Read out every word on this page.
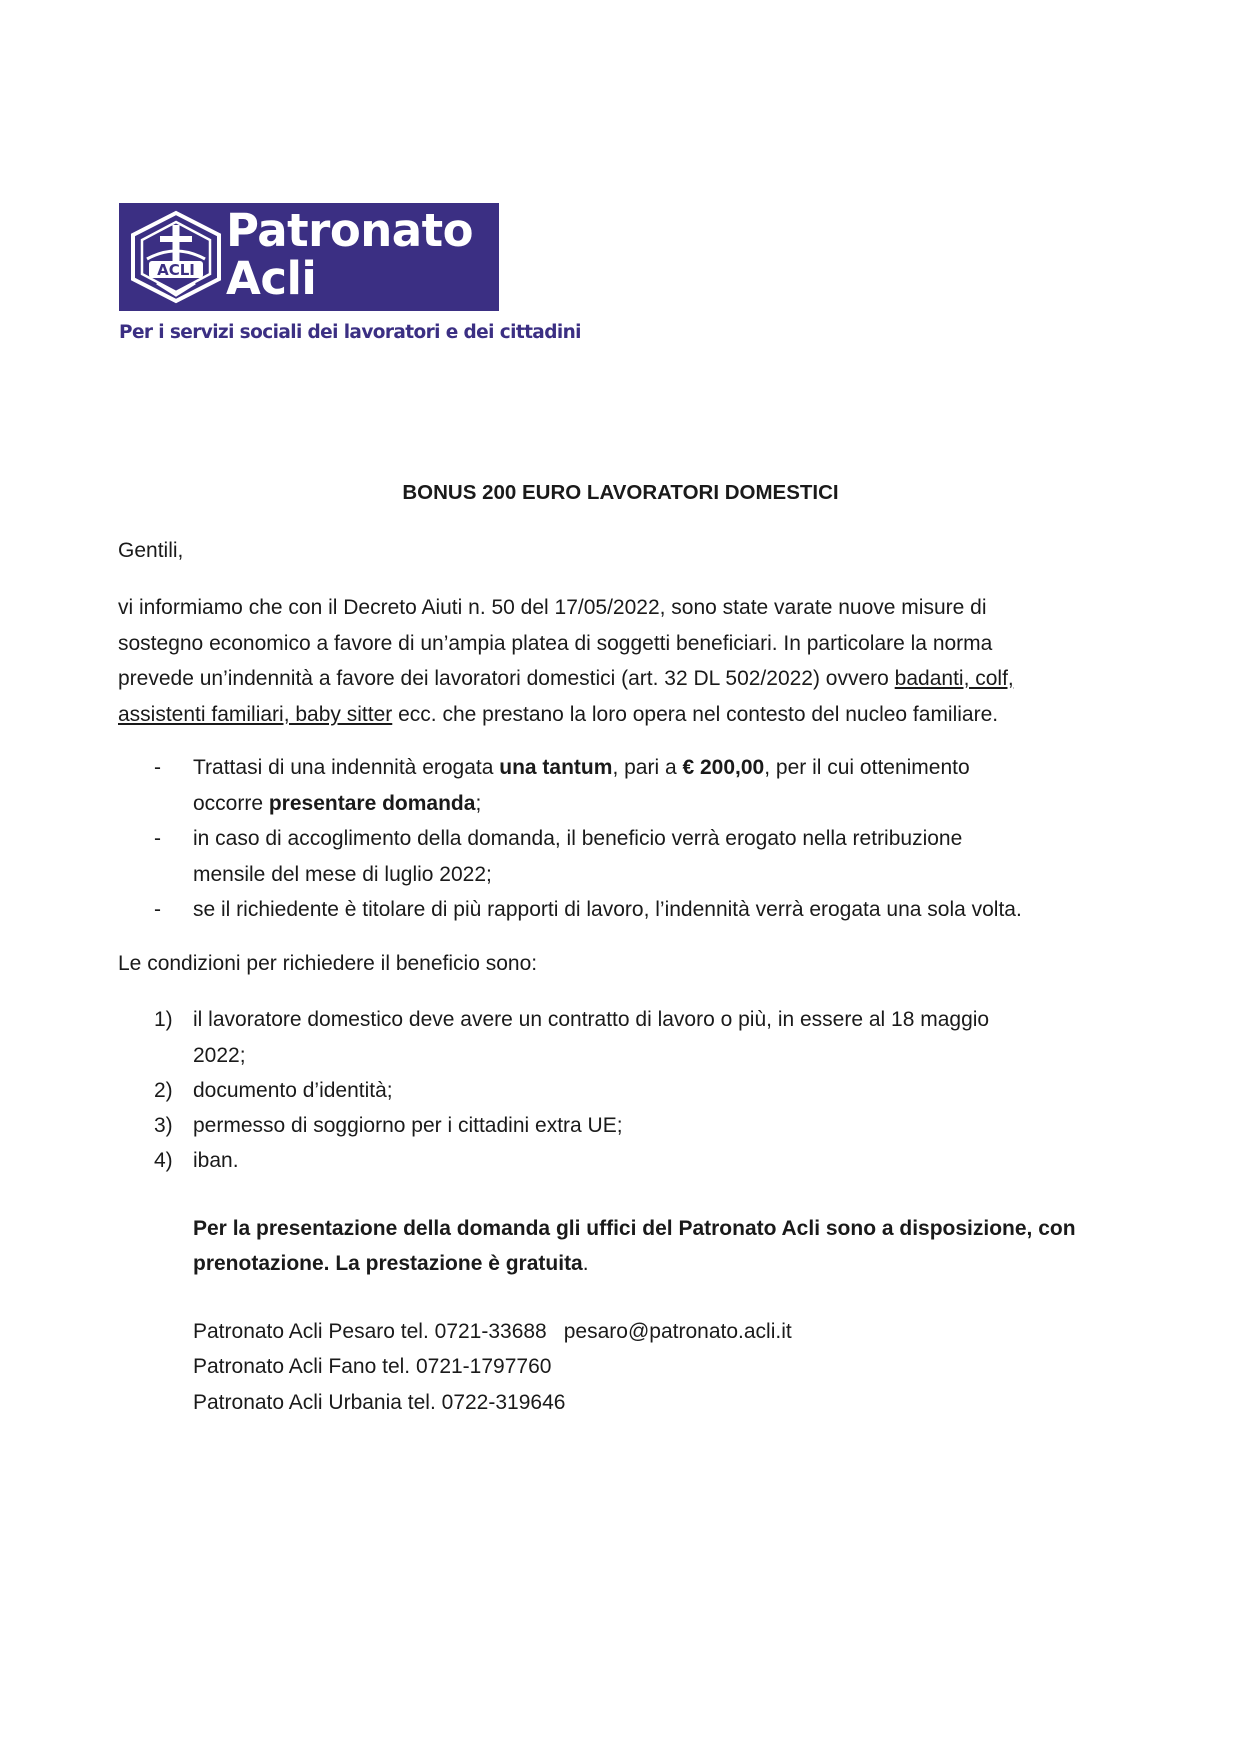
ACLI
Patronato
Acli
Per i servizi sociali dei lavoratori e dei cittadini
BONUS 200 EURO LAVORATORI DOMESTICI
Gentili,
vi informiamo che con il Decreto Aiuti n. 50 del 17/05/2022, sono state varate nuove misure di
sostegno economico a favore di un’ampia platea di soggetti beneficiari. In particolare la norma
prevede un’indennità a favore dei lavoratori domestici (art. 32 DL 502/2022) ovvero badanti, colf,
assistenti familiari, baby sitter ecc. che prestano la loro opera nel contesto del nucleo familiare.
- Trattasi di una indennità erogata una tantum, pari a € 200,00, per il cui ottenimento
occorre presentare domanda;
- in caso di accoglimento della domanda, il beneficio verrà erogato nella retribuzione
mensile del mese di luglio 2022;
- se il richiedente è titolare di più rapporti di lavoro, l’indennità verrà erogata una sola volta.
Le condizioni per richiedere il beneficio sono:
1) il lavoratore domestico deve avere un contratto di lavoro o più, in essere al 18 maggio
2022;
2) documento d’identità;
3) permesso di soggiorno per i cittadini extra UE;
4) iban.
Per la presentazione della domanda gli uffici del Patronato Acli sono a disposizione, con
prenotazione. La prestazione è gratuita.
Patronato Acli Pesaro tel. 0721-33688 pesaro@patronato.acli.it
Patronato Acli Fano tel. 0721-1797760
Patronato Acli Urbania tel. 0722-319646
